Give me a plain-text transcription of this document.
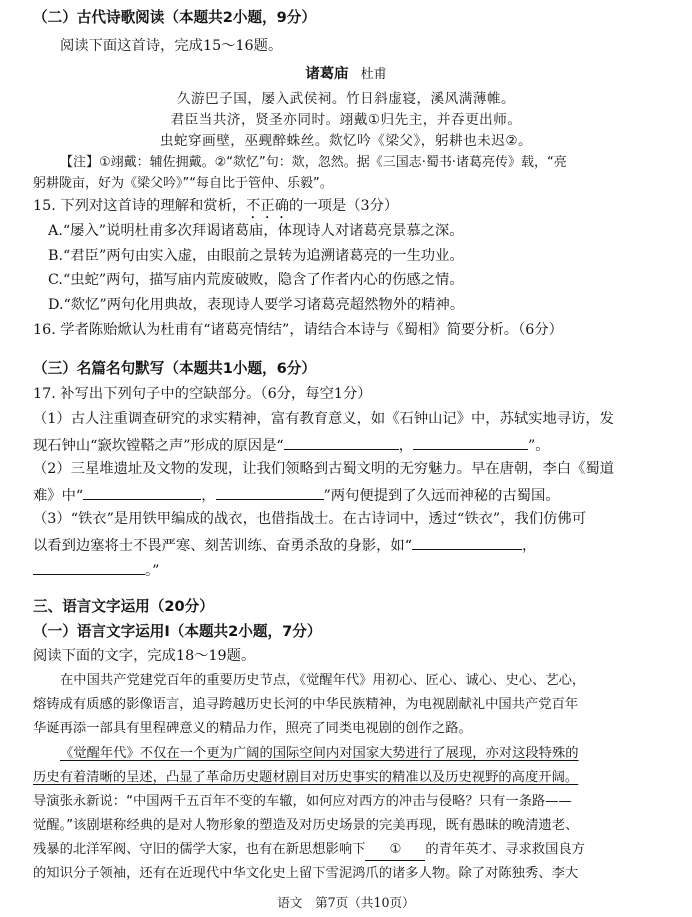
（二）古代诗歌阅读（本题共2小题，9分）
阅读下面这首诗，完成15～16题。
诸葛庙 杜甫
久游巴子国，屡入武侯祠。竹日斜虚寝，溪风满薄帷。
君臣当共济，贤圣亦同时。翊戴①归先主，并吞更出师。
虫蛇穿画壁，巫觋醉蛛丝。欻忆吟《梁父》，躬耕也未迟②。
【注】①翊戴：辅佐拥戴。②“欻忆”句：欻，忽然。据《三国志·蜀书·诸葛亮传》载，“亮
躬耕陇亩，好为《梁父吟》”“每自比于管仲、乐毅”。
15. 下列对这首诗的理解和赏析，不正确的一项是（3分）
A.“屡入”说明杜甫多次拜谒诸葛庙，体现诗人对诸葛亮景慕之深。
B.“君臣”两句由实入虚，由眼前之景转为追溯诸葛亮的一生功业。
C.“虫蛇”两句，描写庙内荒废破败，隐含了作者内心的伤感之情。
D.“欻忆”两句化用典故，表现诗人要学习诸葛亮超然物外的精神。
16. 学者陈贻焮认为杜甫有“诸葛亮情结”，请结合本诗与《蜀相》简要分析。（6分）
（三）名篇名句默写（本题共1小题，6分）
17. 补写出下列句子中的空缺部分。（6分，每空1分）
（1）古人注重调查研究的求实精神，富有教育意义，如《石钟山记》中，苏轼实地寻访，发
现石钟山“窾坎镗鞳之声”形成的原因是“	，	”。
（2）三星堆遗址及文物的发现，让我们领略到古蜀文明的无穷魅力。早在唐朝，李白《蜀道
难》中“	，	”两句便提到了久远而神秘的古蜀国。
（3）“铁衣”是用铁甲编成的战衣，也借指战士。在古诗词中，透过“铁衣”，我们仿佛可
以看到边塞将士不畏严寒、刻苦训练、奋勇杀敌的身影，如“	，
。”
三、语言文字运用（20分）
（一）语言文字运用Ⅰ（本题共2小题，7分）
阅读下面的文字，完成18～19题。
在中国共产党建党百年的重要历史节点，《觉醒年代》用初心、匠心、诚心、史心、艺心，
熔铸成有质感的影像语言，追寻跨越历史长河的中华民族精神，为电视剧献礼中国共产党百年
华诞再添一部具有里程碑意义的精品力作，照亮了同类电视剧的创作之路。
《觉醒年代》不仅在一个更为广阔的国际空间内对国家大势进行了展现，亦对这段特殊的
历史有着清晰的呈述，凸显了革命历史题材剧目对历史事实的精准以及历史视野的高度开阔。
导演张永新说：“中国两千五百年不变的车辙，如何应对西方的冲击与侵略？只有一条路——
觉醒。”该剧堪称经典的是对人物形象的塑造及对历史场景的完美再现，既有愚昧的晚清遗老、
残暴的北洋军阀、守旧的儒学大家，也有在新思想影响下 ① 的青年英才、寻求救国良方
的知识分子领袖，还有在近现代中华文化史上留下雪泥鸿爪的诸多人物。除了对陈独秀、李大
语文　第7页（共10页）
